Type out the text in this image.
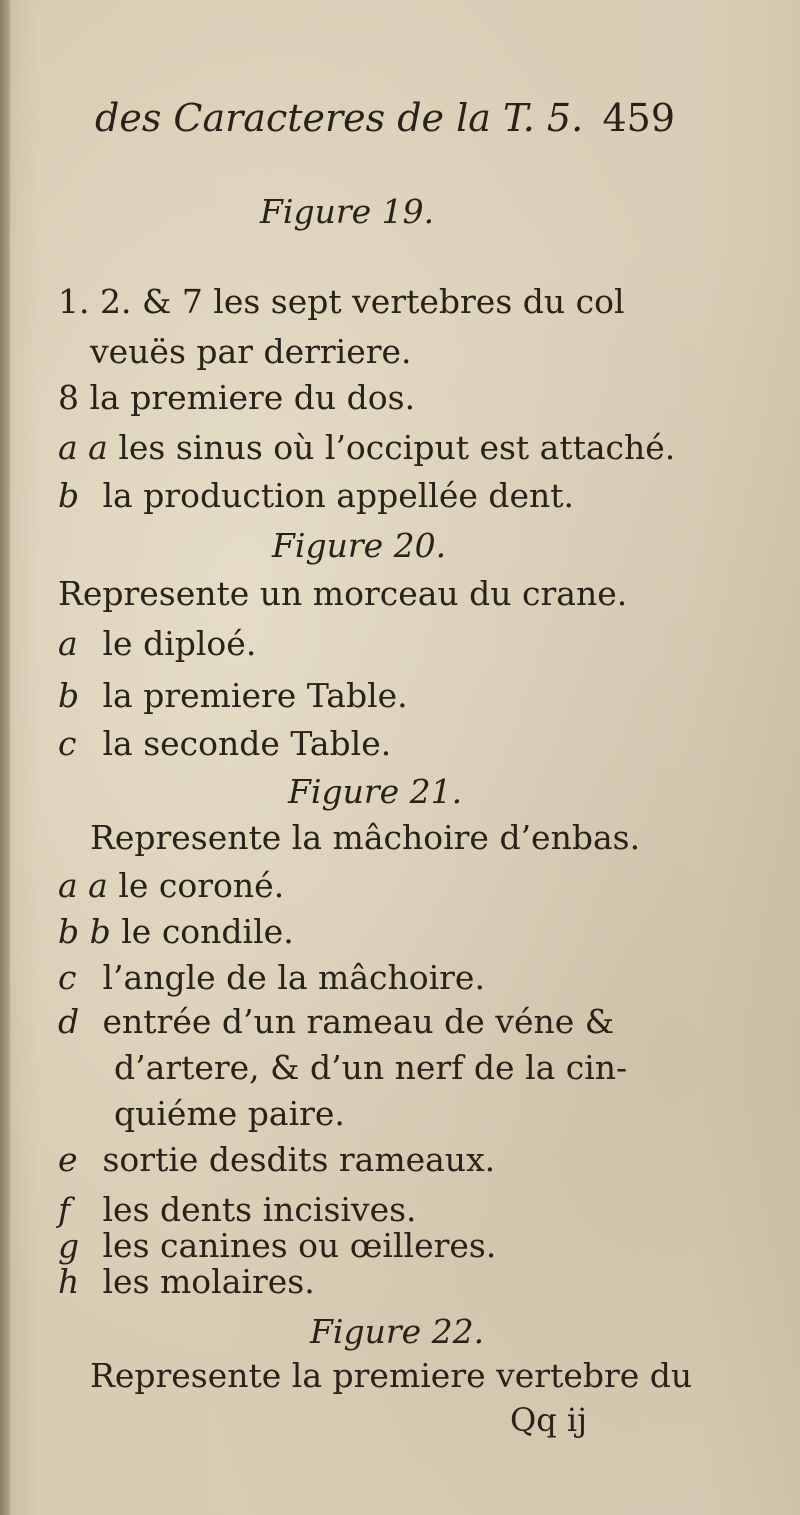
des Caracteres de la T. 5. 459
Figure 19.
1. 2. & 7 les sept vertebres du col
veuës par derriere.
8 la premiere du dos.
a a les sinus où l’occiput est attaché.
b la production appellée dent.
Figure 20.
Represente un morceau du crane.
a le diploé.
b la premiere Table.
c la seconde Table.
Figure 21.
Represente la mâchoire d’enbas.
a a le coroné.
b b le condile.
c l’angle de la mâchoire.
d entrée d’un rameau de véne &
d’artere, & d’un nerf de la cin-
quiéme paire.
e sortie desdits rameaux.
f les dents incisives.
g les canines ou œilleres.
h les molaires.
Figure 22.
Represente la premiere vertebre du
Qq ij
